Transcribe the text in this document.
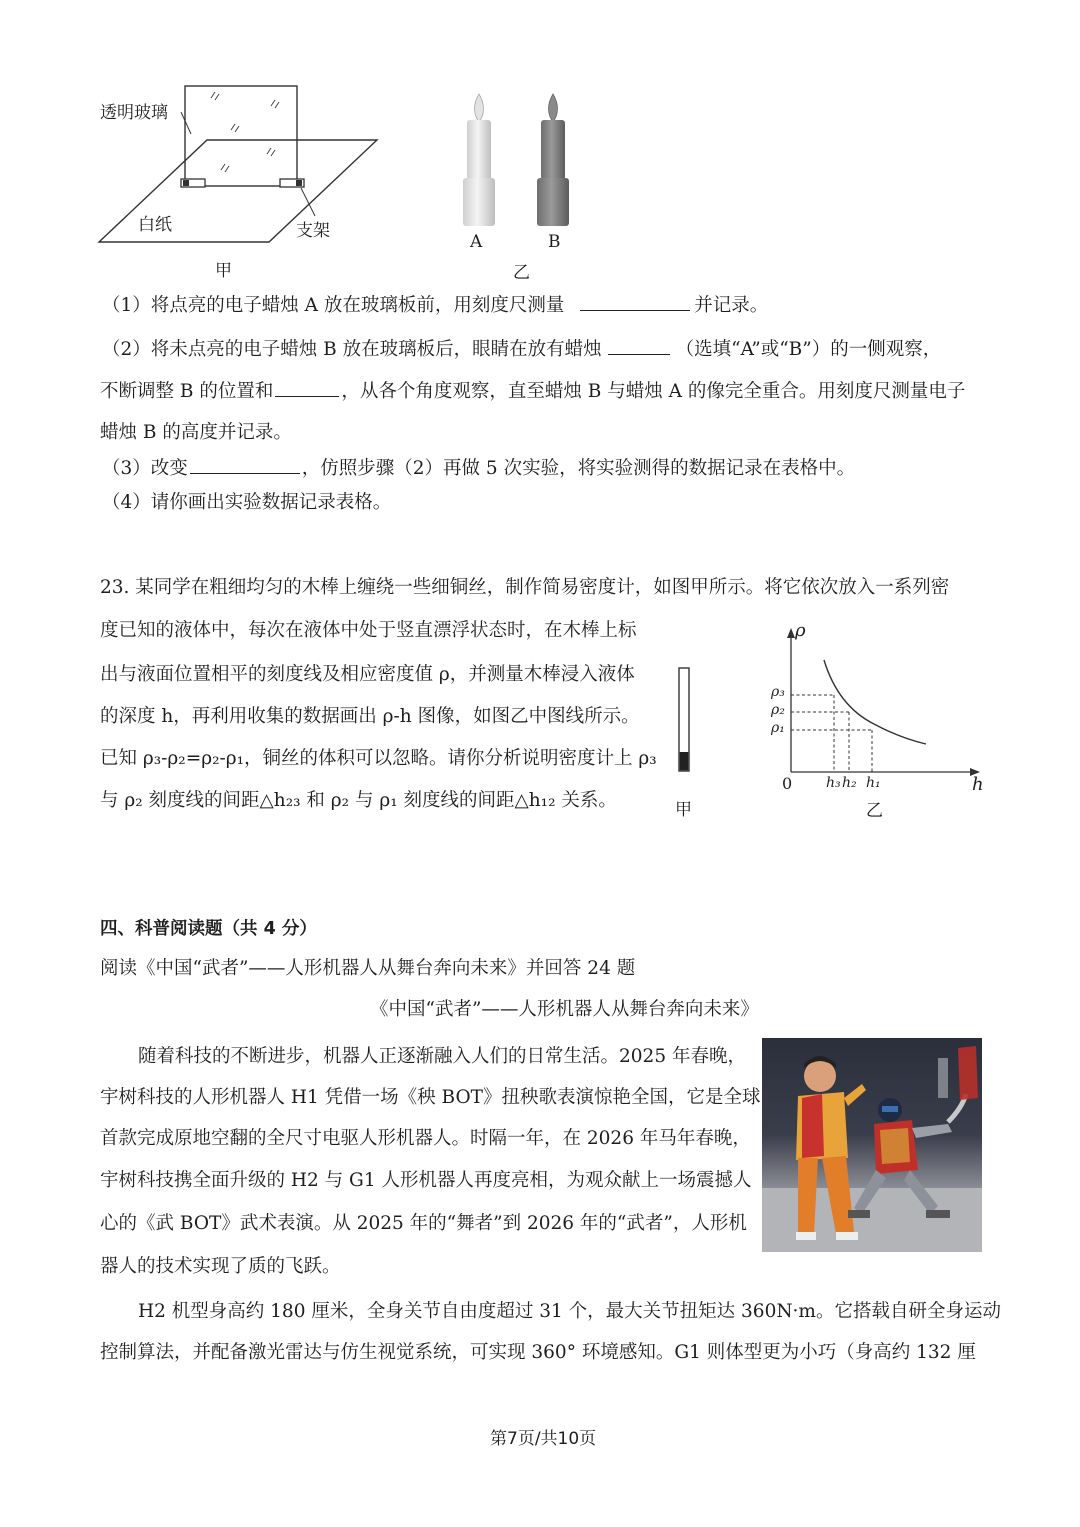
透明玻璃
白纸	支架
甲
A	B
乙
（1）将点亮的电子蜡烛 A 放在玻璃板前，用刻度尺测量	并记录。
（2）将未点亮的电子蜡烛 B 放在玻璃板后，眼睛在放有蜡烛	（选填“A”或“B”）的一侧观察，
不断调整 B 的位置和	，从各个角度观察，直至蜡烛 B 与蜡烛 A 的像完全重合。用刻度尺测量电子
蜡烛 B 的高度并记录。
（3）改变	，仿照步骤（2）再做 5 次实验，将实验测得的数据记录在表格中。
（4）请你画出实验数据记录表格。
23. 某同学在粗细均匀的木棒上缠绕一些细铜丝，制作简易密度计，如图甲所示。将它依次放入一系列密
度已知的液体中，每次在液体中处于竖直漂浮状态时，在木棒上标
出与液面位置相平的刻度线及相应密度值 ρ，并测量木棒浸入液体
的深度 h，再利用收集的数据画出 ρ-h 图像，如图乙中图线所示。
已知 ρ₃-ρ₂=ρ₂-ρ₁，铜丝的体积可以忽略。请你分析说明密度计上 ρ₃
与 ρ₂ 刻度线的间距△h₂₃ 和 ρ₂ 与 ρ₁ 刻度线的间距△h₁₂ 关系。	甲
ρ
h
0
ρ₃
ρ₂
ρ₁
h₃ h₂ h₁
乙
四、科普阅读题（共 4 分）
阅读《中国“武者”——人形机器人从舞台奔向未来》并回答 24 题
《中国“武者”——人形机器人从舞台奔向未来》
随着科技的不断进步，机器人正逐渐融入人们的日常生活。2025 年春晚，
宇树科技的人形机器人 H1 凭借一场《秧 BOT》扭秧歌表演惊艳全国，它是全球
首款完成原地空翻的全尺寸电驱人形机器人。时隔一年，在 2026 年马年春晚，
宇树科技携全面升级的 H2 与 G1 人形机器人再度亮相，为观众献上一场震撼人
心的《武 BOT》武术表演。从 2025 年的“舞者”到 2026 年的“武者”，人形机
器人的技术实现了质的飞跃。
H2 机型身高约 180 厘米，全身关节自由度超过 31 个，最大关节扭矩达 360N·m。它搭载自研全身运动
控制算法，并配备激光雷达与仿生视觉系统，可实现 360° 环境感知。G1 则体型更为小巧（身高约 132 厘
第7页/共10页
